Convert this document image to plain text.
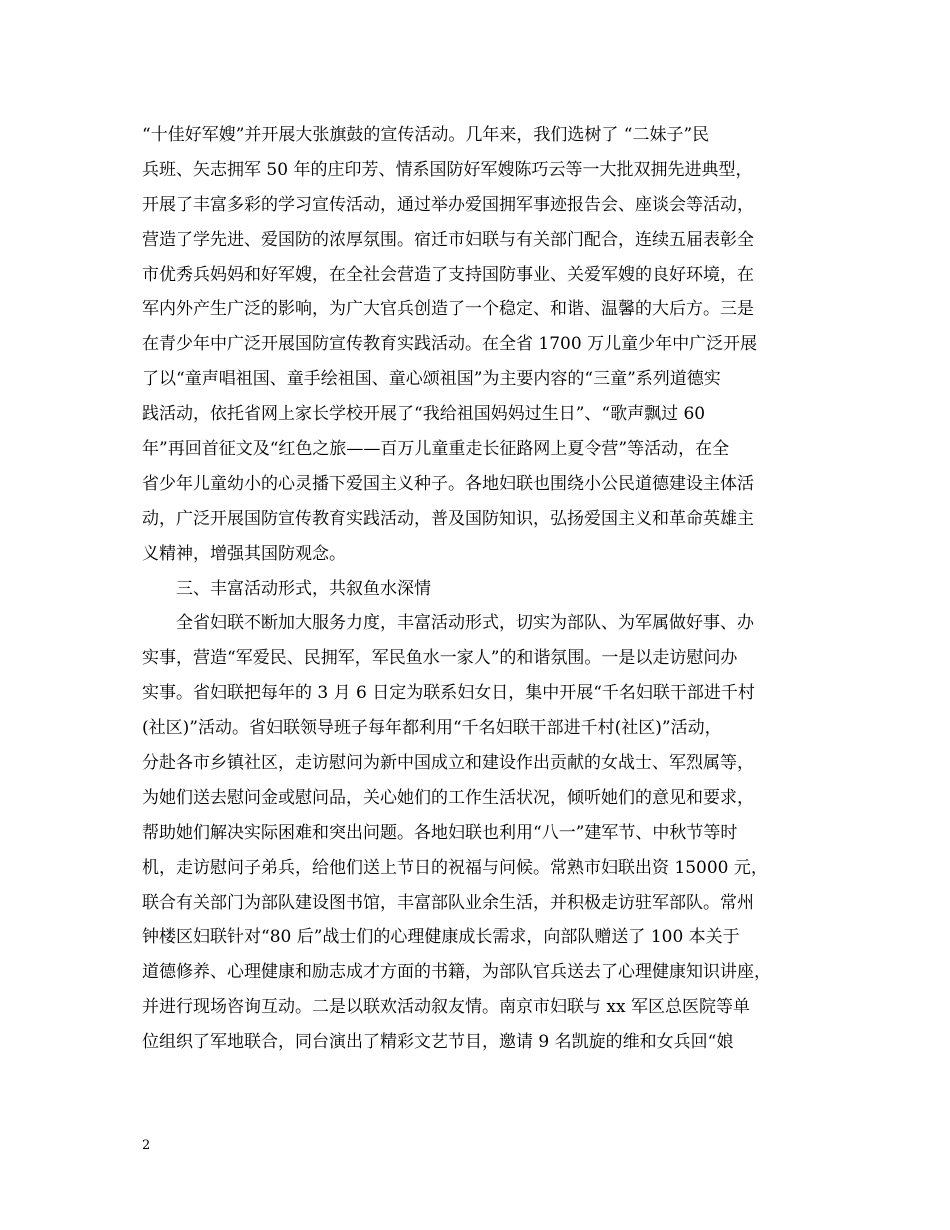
“十佳好军嫂”并开展大张旗鼓的宣传活动。几年来，我们选树了 “二妹子”民
兵班、矢志拥军 50 年的庄印芳、情系国防好军嫂陈巧云等一大批双拥先进典型，
开展了丰富多彩的学习宣传活动，通过举办爱国拥军事迹报告会、座谈会等活动，
营造了学先进、爱国防的浓厚氛围。宿迁市妇联与有关部门配合，连续五届表彰全
市优秀兵妈妈和好军嫂，在全社会营造了支持国防事业、关爱军嫂的良好环境，在
军内外产生广泛的影响，为广大官兵创造了一个稳定、和谐、温馨的大后方。三是
在青少年中广泛开展国防宣传教育实践活动。在全省 1700 万儿童少年中广泛开展
了以“童声唱祖国、童手绘祖国、童心颂祖国”为主要内容的“三童”系列道德实
践活动，依托省网上家长学校开展了“我给祖国妈妈过生日”、“歌声飘过 60
年”再回首征文及“红色之旅——百万儿童重走长征路网上夏令营”等活动，在全
省少年儿童幼小的心灵播下爱国主义种子。各地妇联也围绕小公民道德建设主体活
动，广泛开展国防宣传教育实践活动，普及国防知识，弘扬爱国主义和革命英雄主
义精神，增强其国防观念。
三、丰富活动形式，共叙鱼水深情
全省妇联不断加大服务力度，丰富活动形式，切实为部队、为军属做好事、办
实事，营造“军爱民、民拥军，军民鱼水一家人”的和谐氛围。一是以走访慰问办
实事。省妇联把每年的 3 月 6 日定为联系妇女日，集中开展“千名妇联干部进千村
(社区)”活动。省妇联领导班子每年都利用“千名妇联干部进千村(社区)”活动，
分赴各市乡镇社区，走访慰问为新中国成立和建设作出贡献的女战士、军烈属等，
为她们送去慰问金或慰问品，关心她们的工作生活状况，倾听她们的意见和要求，
帮助她们解决实际困难和突出问题。各地妇联也利用“八一”建军节、中秋节等时
机，走访慰问子弟兵，给他们送上节日的祝福与问候。常熟市妇联出资 15000 元，
联合有关部门为部队建设图书馆，丰富部队业余生活，并积极走访驻军部队。常州
钟楼区妇联针对“80 后”战士们的心理健康成长需求，向部队赠送了 100 本关于
道德修养、心理健康和励志成才方面的书籍，为部队官兵送去了心理健康知识讲座，
并进行现场咨询互动。二是以联欢活动叙友情。南京市妇联与 xx 军区总医院等单
位组织了军地联合，同台演出了精彩文艺节目，邀请 9 名凯旋的维和女兵回“娘
2
